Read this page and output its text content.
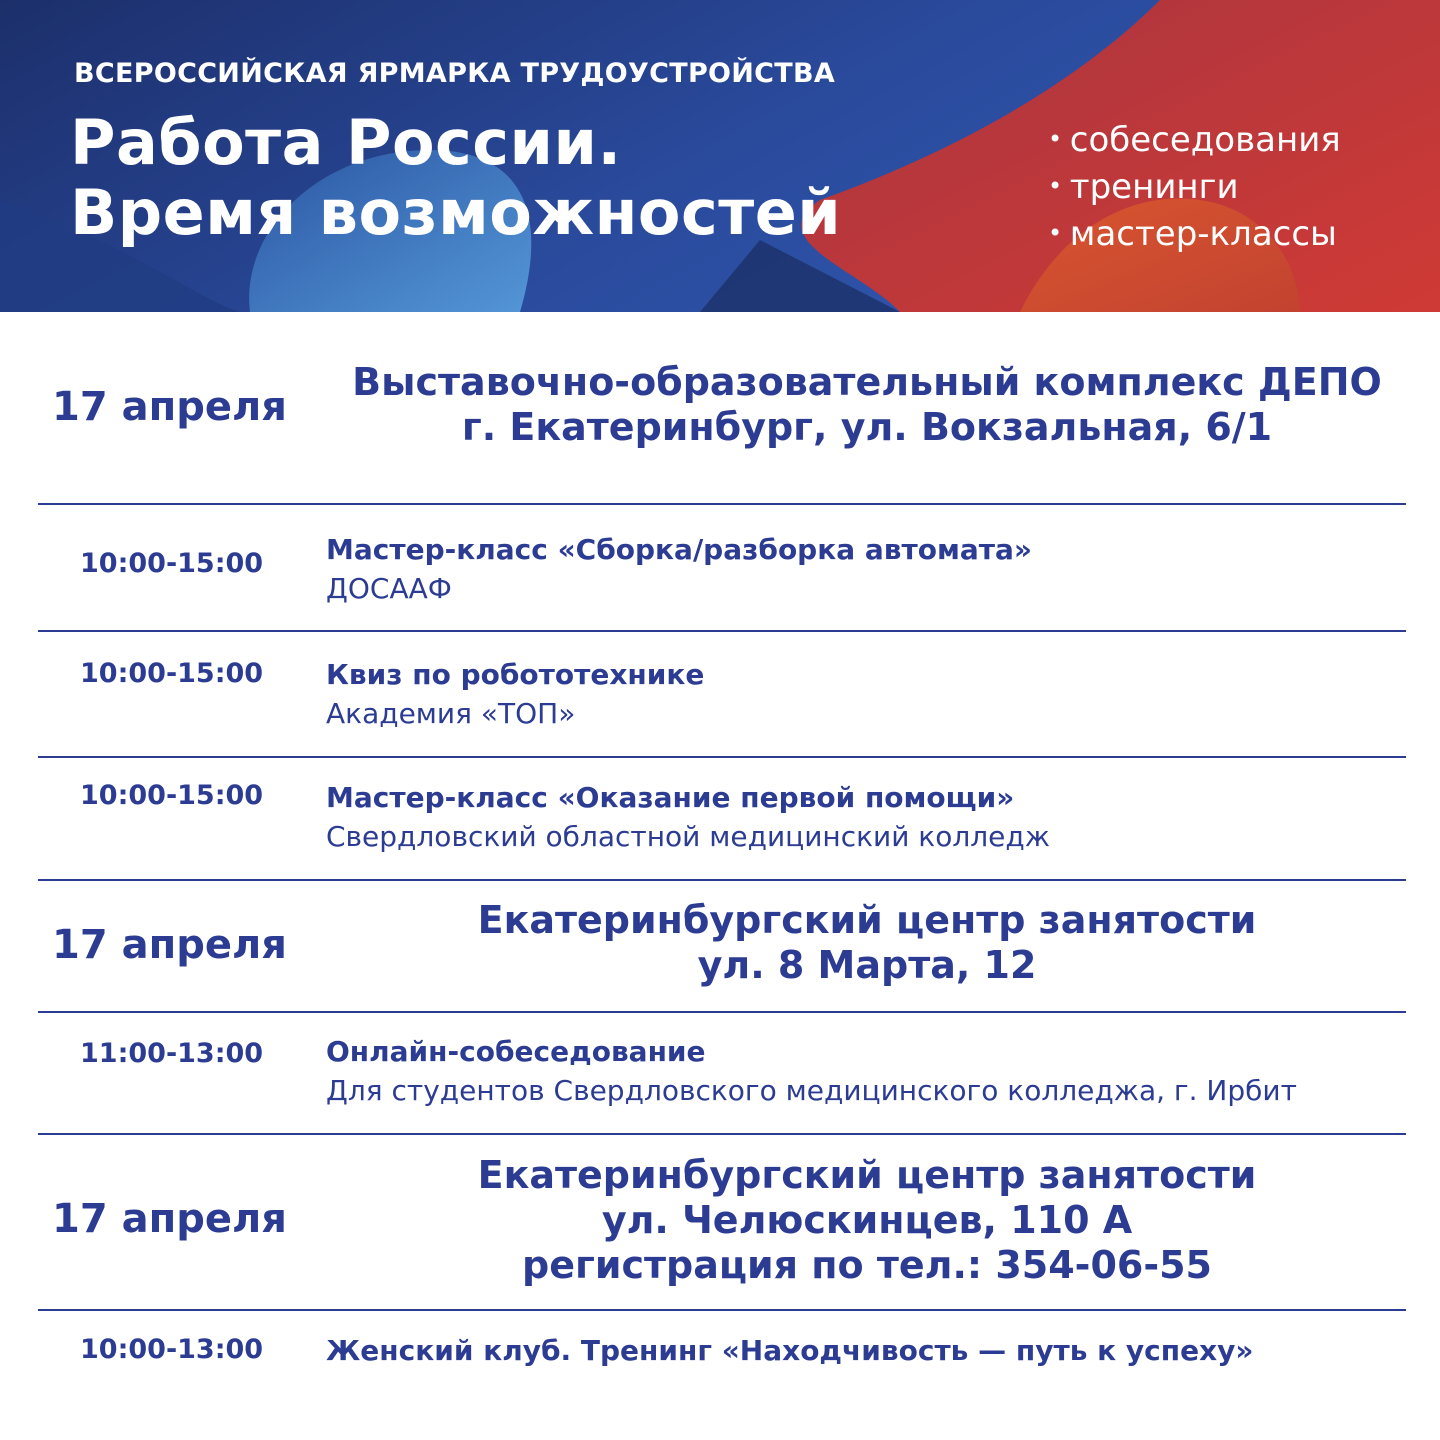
ВСЕРОССИЙСКАЯ ЯРМАРКА ТРУДОУСТРОЙСТВА
Работа России.
Время возможностей
• собеседования
• тренинги
• мастер-классы
17 апреля
Выставочно-образовательный комплекс ДЕПО
г. Екатеринбург, ул. Вокзальная, 6/1
10:00-15:00 Мастер-класс «Сборка/разборка автомата»
ДОСААФ
10:00-15:00 Квиз по робототехнике
Академия «ТОП»
10:00-15:00 Мастер-класс «Оказание первой помощи»
Свердловский областной медицинский колледж
17 апреля
Екатеринбургский центр занятости
ул. 8 Марта, 12
11:00-13:00 Онлайн-собеседование
Для студентов Свердловского медицинского колледжа, г. Ирбит
17 апреля
Екатеринбургский центр занятости
ул. Челюскинцев, 110 А
регистрация по тел.: 354-06-55
10:00-13:00 Женский клуб. Тренинг «Находчивость — путь к успеху»
